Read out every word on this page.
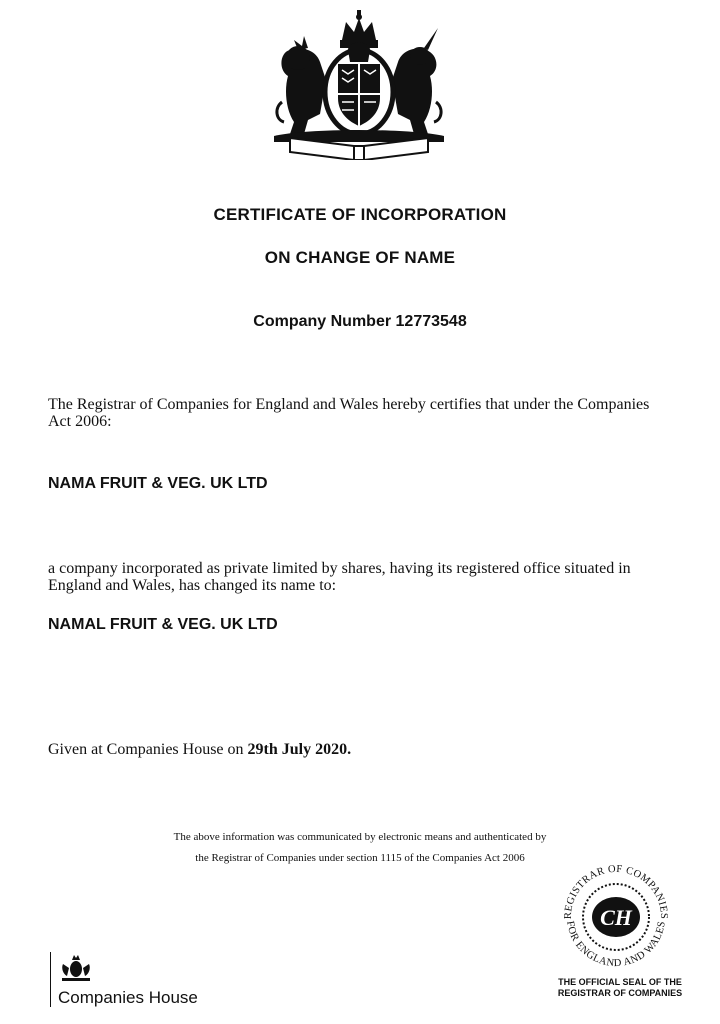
CERTIFICATE OF INCORPORATION
ON CHANGE OF NAME
Company Number 12773548
The Registrar of Companies for England and Wales hereby certifies that under the Companies Act 2006:
NAMA FRUIT & VEG. UK LTD
a company incorporated as private limited by shares, having its registered office situated in England and Wales, has changed its name to:
NAMAL FRUIT & VEG. UK LTD
Given at Companies House on 29th July 2020.
The above information was communicated by electronic means and authenticated by
the Registrar of Companies under section 1115 of the Companies Act 2006
Companies House
REGISTRAR OF COMPANIES
FOR ENGLAND AND WALES
CH
THE OFFICIAL SEAL OF THE
REGISTRAR OF COMPANIES
